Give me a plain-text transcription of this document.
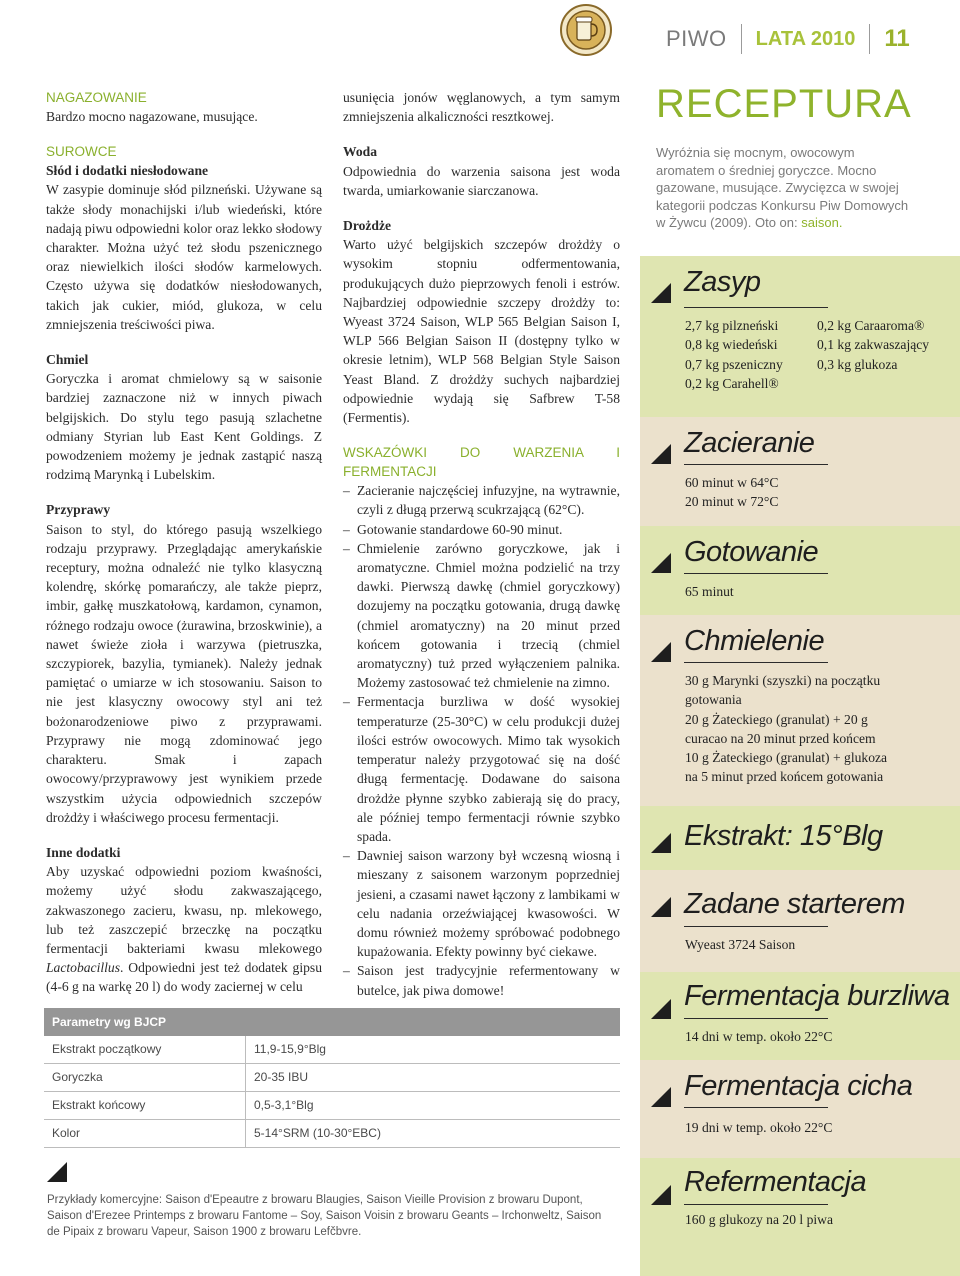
PIWO LATA 2010 11

NAGAZOWANIE
Bardzo mocno nagazowane, musujące.

SUROWCE
Słód i dodatki niesłodowane
W zasypie dominuje słód pilzneński. Używane są także słody monachijski i/lub wiedeński, które nadają piwu odpowiedni kolor oraz lekko słodowy charakter. Można użyć też słodu pszenicznego oraz niewielkich ilości słodów karmelowych. Często używa się dodatków niesłodowanych, takich jak cukier, miód, glukoza, w celu zmniejszenia treściwości piwa.

Chmiel
Goryczka i aromat chmielowy są w saisonie bardziej zaznaczone niż w innych piwach belgijskich. Do stylu tego pasują szlachetne odmiany Styrian lub East Kent Goldings. Z powodzeniem możemy je jednak zastąpić naszą rodzimą Marynką i Lubelskim.

Przyprawy
Saison to styl, do którego pasują wszelkiego rodzaju przyprawy. Przeglądając amerykańskie receptury, można odnaleźć nie tylko klasyczną kolendrę, skórkę pomarańczy, ale także pieprz, imbir, gałkę muszkatołową, kardamon, cynamon, różnego rodzaju owoce (żurawina, brzoskwinie), a nawet świeże zioła i warzywa (pietruszka, szczypiorek, bazylia, tymianek). Należy jednak pamiętać o umiarze w ich stosowaniu. Saison to nie jest klasyczny owocowy styl ani też bożonarodzeniowe piwo z przyprawami. Przyprawy nie mogą zdominować jego charakteru. Smak i zapach owocowy/przyprawowy jest wynikiem przede wszystkim użycia odpowiednich szczepów drożdży i właściwego procesu fermentacji.

Inne dodatki
Aby uzyskać odpowiedni poziom kwaśności, możemy użyć słodu zakwaszającego, zakwaszonego zacieru, kwasu, np. mlekowego, lub też zaszczepić brzeczkę na początku fermentacji bakteriami kwasu mlekowego Lactobacillus. Odpowiedni jest też dodatek gipsu (4-6 g na warkę 20 l) do wody zaciernej w celu

usunięcia jonów węglanowych, a tym samym zmniejszenia alkaliczności resztkowej.

Woda
Odpowiednia do warzenia saisona jest woda twarda, umiarkowanie siarczanowa.

Drożdże
Warto użyć belgijskich szczepów drożdży o wysokim stopniu odfermentowania, produkujących dużo pieprzowych fenoli i estrów. Najbardziej odpowiednie szczepy drożdży to: Wyeast 3724 Saison, WLP 565 Belgian Saison I, WLP 566 Belgian Saison II (dostępny tylko w okresie letnim), WLP 568 Belgian Style Saison Yeast Bland. Z drożdży suchych najbardziej odpowiednie wydają się Safbrew T-58 (Fermentis).

WSKAZÓWKI DO WARZENIA I FERMENTACJI
– Zacieranie najczęściej infuzyjne, na wytrawnie, czyli z długą przerwą scukrzającą (62°C).
– Gotowanie standardowe 60-90 minut.
– Chmielenie zarówno goryczkowe, jak i aromatyczne. Chmiel można podzielić na trzy dawki. Pierwszą dawkę (chmiel goryczkowy) dozujemy na początku gotowania, drugą dawkę (chmiel aromatyczny) na 20 minut przed końcem gotowania i trzecią (chmiel aromatyczny) tuż przed wyłączeniem palnika. Możemy zastosować też chmielenie na zimno.
– Fermentacja burzliwa w dość wysokiej temperaturze (25-30°C) w celu produkcji dużej ilości estrów owocowych. Mimo tak wysokich temperatur należy przygotować się na dość długą fermentację. Dodawane do saisona drożdże płynne szybko zabierają się do pracy, ale później tempo fermentacji równie szybko spada.
– Dawniej saison warzony był wczesną wiosną i mieszany z saisonem warzonym poprzedniej jesieni, a czasami nawet łączony z lambikami w celu nadania orzeźwiającej kwasowości. W domu również możemy spróbować podobnego kupażowania. Efekty powinny być ciekawe.
– Saison jest tradycyjnie refermentowany w butelce, jak piwa domowe!
RECEPTURA
Wyróżnia się mocnym, owocowym aromatem o średniej goryczce. Mocno gazowane, musujące. Zwycięzca w swojej kategorii podczas Konkursu Piw Domowych w Żywcu (2009). Oto on: saison.
Zasyp
2,7 kg pilzneński
0,8 kg wiedeński
0,7 kg pszeniczny
0,2 kg Carahell®
0,2 kg Caraaroma®
0,1 kg zakwaszający
0,3 kg glukoza
Zacieranie
60 minut w 64°C
20 minut w 72°C
Gotowanie
65 minut
Chmielenie
30 g Marynki (szyszki) na początku
gotowania
20 g Żateckiego (granulat) + 20 g
curacao na 20 minut przed końcem
10 g Żateckiego (granulat) + glukoza
na 5 minut przed końcem gotowania
Ekstrakt: 15°Blg
Zadane starterem
Wyeast 3724 Saison
Fermentacja burzliwa
14 dni w temp. około 22°C
Fermentacja cicha
19 dni w temp. około 22°C
Refermentacja
160 g glukozy na 20 l piwa
Parametry wg BJCP
Ekstrakt początkowy	11,9-15,9°Blg
Goryczka	20-35 IBU
Ekstrakt końcowy	0,5-3,1°Blg
Kolor	5-14°SRM (10-30°EBC)
Przykłady komercyjne: Saison d'Epeautre z browaru Blaugies, Saison Vieille Provision z browaru Dupont, Saison d'Erezee Printemps z browaru Fantome – Soy, Saison Voisin z browaru Geants – Irchonweltz, Saison de Pipaix z browaru Vapeur, Saison 1900 z browaru Lefčbvre.
